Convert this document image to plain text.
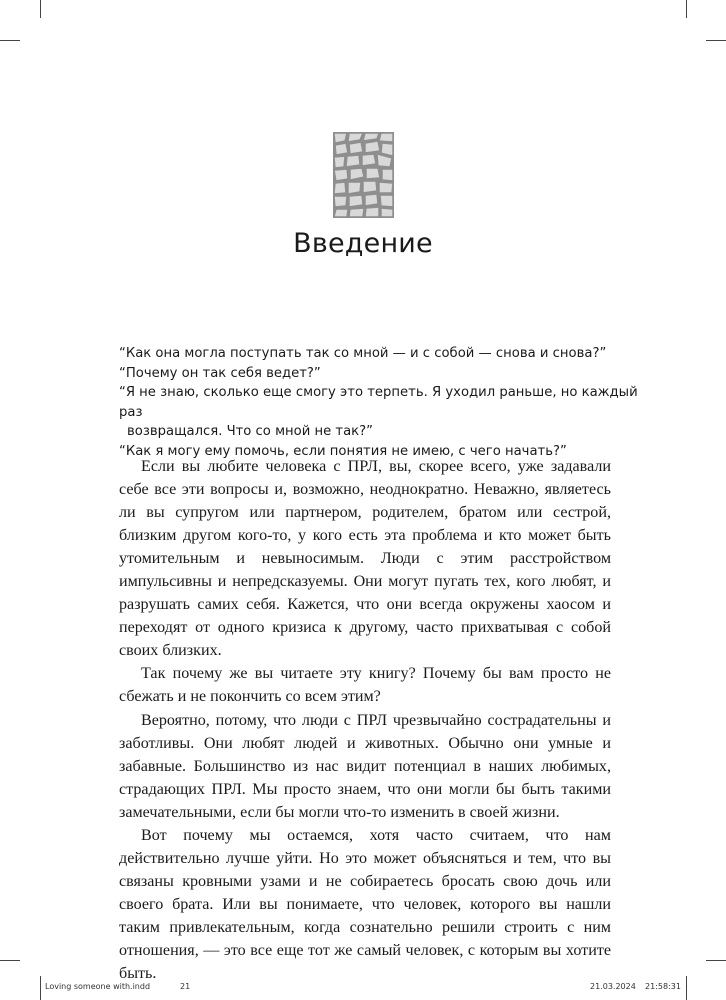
Введение
“Как она могла поступать так со мной — и с собой — снова и снова?”
“Почему он так себя ведет?”
“Я не знаю, сколько еще смогу это терпеть. Я уходил раньше, но каждый раз
возвращался. Что со мной не так?”
“Как я могу ему помочь, если понятия не имею, с чего начать?”

Если вы любите человека с ПРЛ, вы, скорее всего, уже задавали себе все эти вопросы и, возможно, неоднократно. Неважно, являетесь ли вы супругом или партнером, родителем, братом или сестрой, близким другом кого-то, у кого есть эта проблема и кто может быть утомительным и невыносимым. Люди с этим расстройством импульсивны и непредсказуемы. Они могут пугать тех, кого любят, и разрушать самих себя. Кажется, что они всегда окружены хаосом и переходят от одного кризиса к другому, часто прихватывая с собой своих близких.

Так почему же вы читаете эту книгу? Почему бы вам просто не сбежать и не покончить со всем этим?

Вероятно, потому, что люди с ПРЛ чрезвычайно сострадательны и заботливы. Они любят людей и животных. Обычно они умные и забавные. Большинство из нас видит потенциал в наших любимых, страдающих ПРЛ. Мы просто знаем, что они могли бы быть такими замечательными, если бы могли что-то изменить в своей жизни.

Вот почему мы остаемся, хотя часто считаем, что нам действительно лучше уйти. Но это может объясняться и тем, что вы связаны кровными узами и не собираетесь бросать свою дочь или своего брата. Или вы понимаете, что человек, которого вы нашли таким привлекательным, когда сознательно решили строить с ним отношения, — это все еще тот же самый человек, с которым вы хотите быть.

Loving someone with.indd	21	21.03.2024 21:58:31
